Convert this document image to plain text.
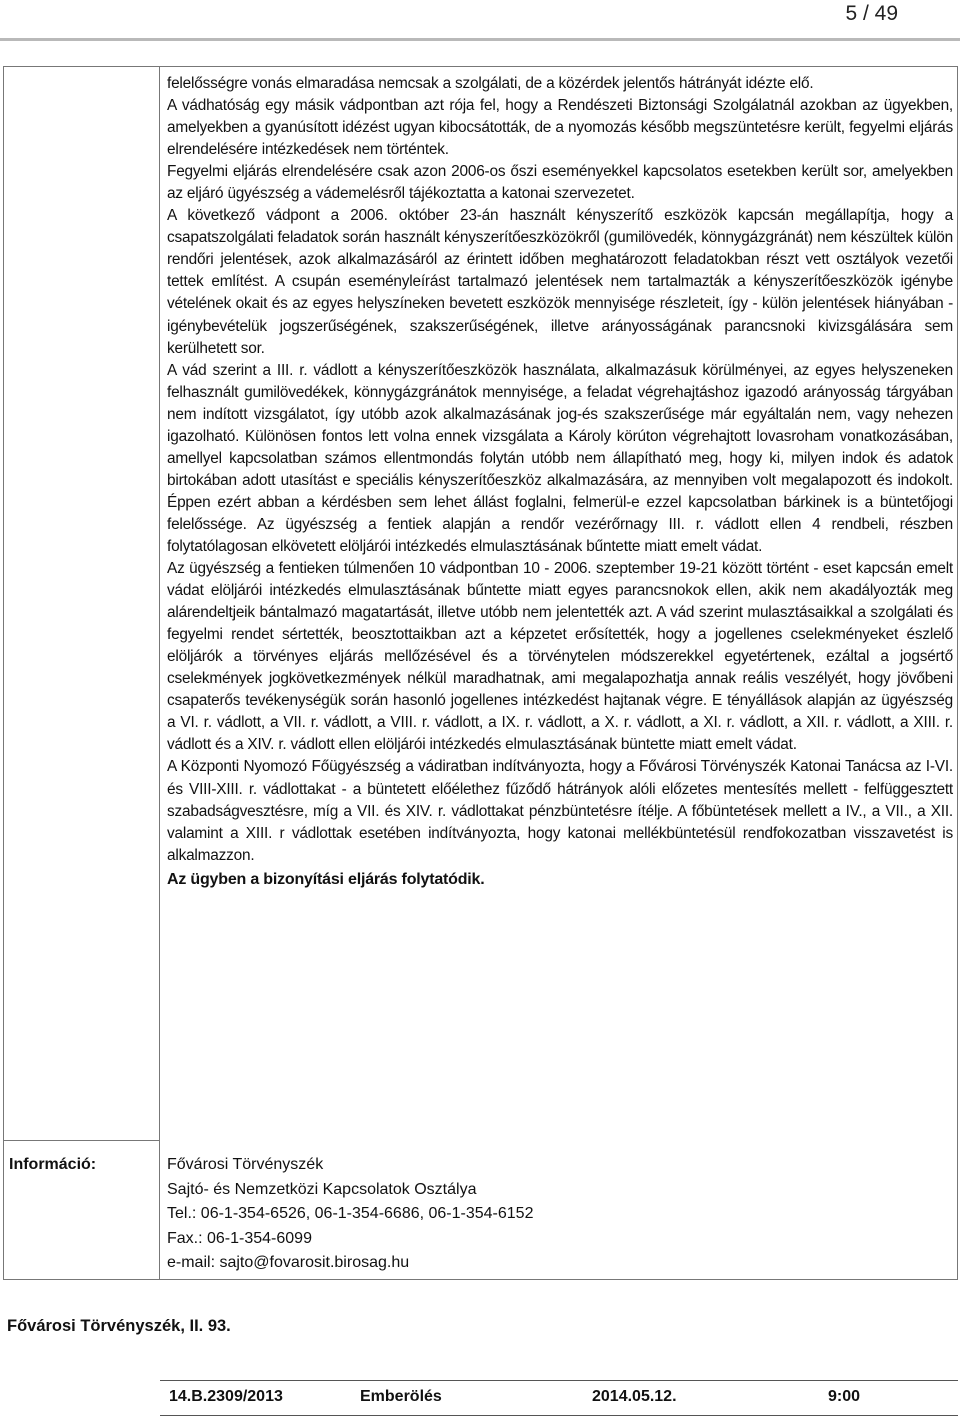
5 / 49

felelősségre vonás elmaradása nemcsak a szolgálati, de a közérdek jelentős hátrányát idézte elő.

A vádhatóság egy másik vádpontban azt rója fel, hogy a Rendészeti Biztonsági Szolgálatnál azokban az ügyekben, amelyekben a gyanúsított idézést ugyan kibocsátották, de a nyomozás később megszüntetésre került, fegyelmi eljárás elrendelésére intézkedések nem történtek.

Fegyelmi eljárás elrendelésére csak azon 2006-os őszi eseményekkel kapcsolatos esetekben került sor, amelyekben az eljáró ügyészség a vádemelésről tájékoztatta a katonai szervezetet.

A következő vádpont a 2006. október 23-án használt kényszerítő eszközök kapcsán megállapítja, hogy a csapatszolgálati feladatok során használt kényszerítőeszközökről (gumilövedék, könnygázgránát) nem készültek külön rendőri jelentések, azok alkalmazásáról az érintett időben meghatározott feladatokban részt vett osztályok vezetői tettek említést. A csupán eseményleírást tartalmazó jelentések nem tartalmazták a kényszerítőeszközök igénybe vételének okait és az egyes helyszíneken bevetett eszközök mennyisége részleteit, így - külön jelentések hiányában - igénybevételük jogszerűségének, szakszerűségének, illetve arányosságának parancsnoki kivizsgálására sem kerülhetett sor.

A vád szerint a III. r. vádlott a kényszerítőeszközök használata, alkalmazásuk körülményei, az egyes helyszeneken felhasznált gumilövedékek, könnygázgránátok mennyisége, a feladat végrehajtáshoz igazodó arányosság tárgyában nem indított vizsgálatot, így utóbb azok alkalmazásának jog-és szakszerűsége már egyáltalán nem, vagy nehezen igazolható. Különösen fontos lett volna ennek vizsgálata a Károly körúton végrehajtott lovasroham vonatkozásában, amellyel kapcsolatban számos ellentmondás folytán utóbb nem állapítható meg, hogy ki, milyen indok és adatok birtokában adott utasítást e speciális kényszerítőeszköz alkalmazására, az mennyiben volt megalapozott és indokolt. Éppen ezért abban a kérdésben sem lehet állást foglalni, felmerül-e ezzel kapcsolatban bárkinek is a büntetőjogi felelőssége. Az ügyészség a fentiek alapján a rendőr vezérőrnagy III. r. vádlott ellen 4 rendbeli, részben folytatólagosan elkövetett elöljárói intézkedés elmulasztásának bűntette miatt emelt vádat.

Az ügyészség a fentieken túlmenően 10 vádpontban 10 - 2006. szeptember 19-21 között történt - eset kapcsán emelt vádat elöljárói intézkedés elmulasztásának bűntette miatt egyes parancsnokok ellen, akik nem akadályozták meg alárendeltjeik bántalmazó magatartását, illetve utóbb nem jelentették azt. A vád szerint mulasztásaikkal a szolgálati és fegyelmi rendet sértették, beosztottaikban azt a képzetet erősítették, hogy a jogellenes cselekményeket észlelő elöljárók a törvényes eljárás mellőzésével és a törvénytelen módszerekkel egyetértenek, ezáltal a jogsértő cselekmények jogkövetkezmények nélkül maradhatnak, ami megalapozhatja annak reális veszélyét, hogy jövőbeni csapaterős tevékenységük során hasonló jogellenes intézkedést hajtanak végre. E tényállások alapján az ügyészség a VI. r. vádlott, a VII. r. vádlott, a VIII. r. vádlott, a IX. r. vádlott, a X. r. vádlott, a XI. r. vádlott, a XII. r. vádlott, a XIII. r. vádlott és a XIV. r. vádlott ellen elöljárói intézkedés elmulasztásának büntette miatt emelt vádat.

A Központi Nyomozó Főügyészség a vádiratban indítványozta, hogy a Fővárosi Törvényszék Katonai Tanácsa az I-VI. és VIII-XIII. r. vádlottakat - a büntetett előélethez fűződő hátrányok alóli előzetes mentesítés mellett - felfüggesztett szabadságvesztésre, míg a VII. és XIV. r. vádlottakat pénzbüntetésre ítélje. A főbüntetések mellett a IV., a VII., a XII. valamint a XIII. r vádlottak esetében indítványozta, hogy katonai mellékbüntetésül rendfokozatban visszavetést is alkalmazzon.

Az ügyben a bizonyítási eljárás folytatódik.

Információ:	Fővárosi Törvényszék
Sajtó- és Nemzetközi Kapcsolatok Osztálya
Tel.: 06-1-354-6526, 06-1-354-6686, 06-1-354-6152
Fax.: 06-1-354-6099
e-mail: sajto@fovarosit.birosag.hu
Fővárosi Törvényszék, II. 93.
14.B.2309/2013	Emberölés	2014.05.12.	9:00
